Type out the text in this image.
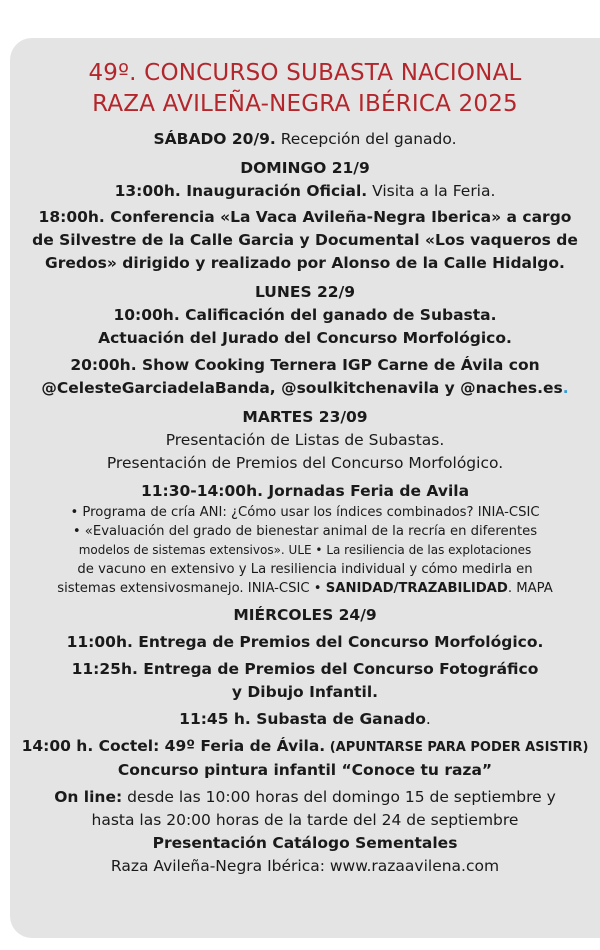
49º. CONCURSO SUBASTA NACIONAL
RAZA AVILEÑA-NEGRA IBÉRICA 2025
SÁBADO 20/9. Recepción del ganado.
DOMINGO 21/9
13:00h. Inauguración Oficial. Visita a la Feria.
18:00h. Conferencia «La Vaca Avileña-Negra Iberica» a cargo
de Silvestre de la Calle Garcia y Documental «Los vaqueros de
Gredos» dirigido y realizado por Alonso de la Calle Hidalgo.
LUNES 22/9
10:00h. Calificación del ganado de Subasta.
Actuación del Jurado del Concurso Morfológico.
20:00h. Show Cooking Ternera IGP Carne de Ávila con
@CelesteGarciadelaBanda, @soulkitchenavila y @naches.es.
MARTES 23/09
Presentación de Listas de Subastas.
Presentación de Premios del Concurso Morfológico.
11:30-14:00h. Jornadas Feria de Avila
• Programa de cría ANI: ¿Cómo usar los índices combinados? INIA-CSIC
• «Evaluación del grado de bienestar animal de la recría en diferentes
modelos de sistemas extensivos». ULE • La resiliencia de las explotaciones
de vacuno en extensivo y La resiliencia individual y cómo medirla en
sistemas extensivosmanejo. INIA-CSIC • SANIDAD/TRAZABILIDAD. MAPA
MIÉRCOLES 24/9
11:00h. Entrega de Premios del Concurso Morfológico.
11:25h. Entrega de Premios del Concurso Fotográfico
y Dibujo Infantil.
11:45 h. Subasta de Ganado.
14:00 h. Coctel: 49º Feria de Ávila. (APUNTARSE PARA PODER ASISTIR)
Concurso pintura infantil “Conoce tu raza”
On line: desde las 10:00 horas del domingo 15 de septiembre y
hasta las 20:00 horas de la tarde del 24 de septiembre
Presentación Catálogo Sementales
Raza Avileña-Negra Ibérica: www.razaavilena.com
